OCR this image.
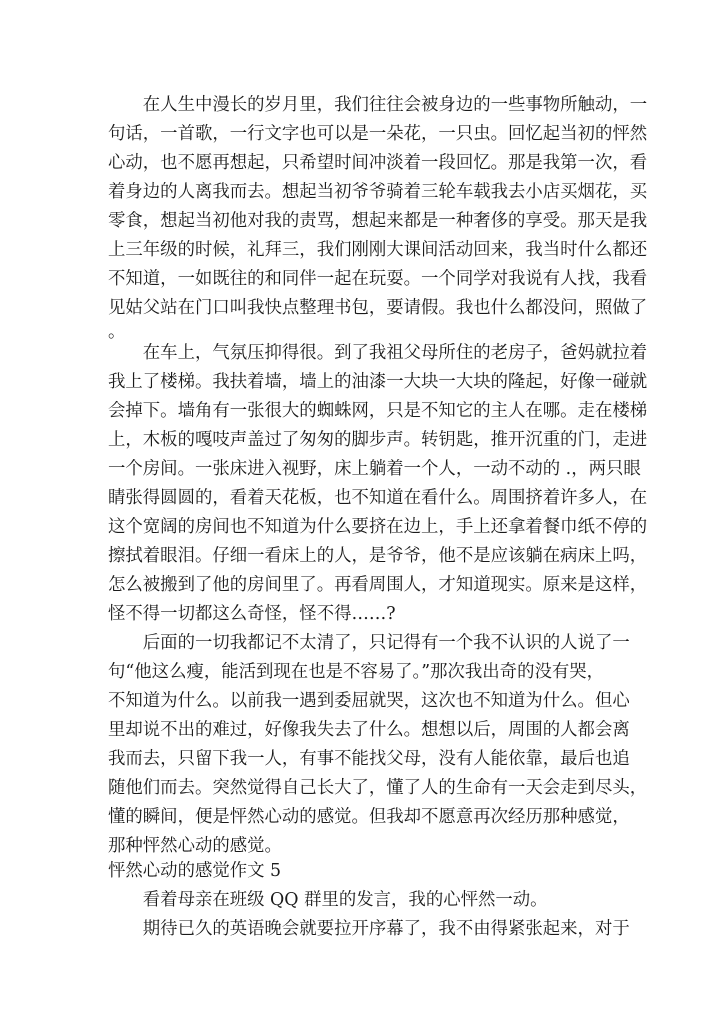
　　在人生中漫长的岁月里，我们往往会被身边的一些事物所触动，一
句话，一首歌，一行文字也可以是一朵花，一只虫。回忆起当初的怦然
心动，也不愿再想起，只希望时间冲淡着一段回忆。那是我第一次，看
着身边的人离我而去。想起当初爷爷骑着三轮车载我去小店买烟花，买
零食，想起当初他对我的责骂，想起来都是一种奢侈的享受。那天是我
上三年级的时候，礼拜三，我们刚刚大课间活动回来，我当时什么都还
不知道，一如既往的和同伴一起在玩耍。一个同学对我说有人找，我看
见姑父站在门口叫我快点整理书包，要请假。我也什么都没问，照做了
。
　　在车上，气氛压抑得很。到了我祖父母所住的老房子，爸妈就拉着
我上了楼梯。我扶着墙，墙上的油漆一大块一大块的隆起，好像一碰就
会掉下。墙角有一张很大的蜘蛛网，只是不知它的主人在哪。走在楼梯
上，木板的嘎吱声盖过了匆匆的脚步声。转钥匙，推开沉重的门，走进
一个房间。一张床进入视野，床上躺着一个人，一动不动的 .，两只眼
睛张得圆圆的，看着天花板，也不知道在看什么。周围挤着许多人，在
这个宽阔的房间也不知道为什么要挤在边上，手上还拿着餐巾纸不停的
擦拭着眼泪。仔细一看床上的人，是爷爷，他不是应该躺在病床上吗，
怎么被搬到了他的房间里了。再看周围人，才知道现实。原来是这样，
怪不得一切都这么奇怪，怪不得……?
　　后面的一切我都记不太清了，只记得有一个我不认识的人说了一
句“他这么瘦，能活到现在也是不容易了。”那次我出奇的没有哭，
不知道为什么。以前我一遇到委屈就哭，这次也不知道为什么。但心
里却说不出的难过，好像我失去了什么。想想以后，周围的人都会离
我而去，只留下我一人，有事不能找父母，没有人能依靠，最后也追
随他们而去。突然觉得自己长大了，懂了人的生命有一天会走到尽头，
懂的瞬间，便是怦然心动的感觉。但我却不愿意再次经历那种感觉，
那种怦然心动的感觉。
怦然心动的感觉作文 5
　　看着母亲在班级 QQ 群里的发言，我的心怦然一动。
　　期待已久的英语晚会就要拉开序幕了，我不由得紧张起来，对于
